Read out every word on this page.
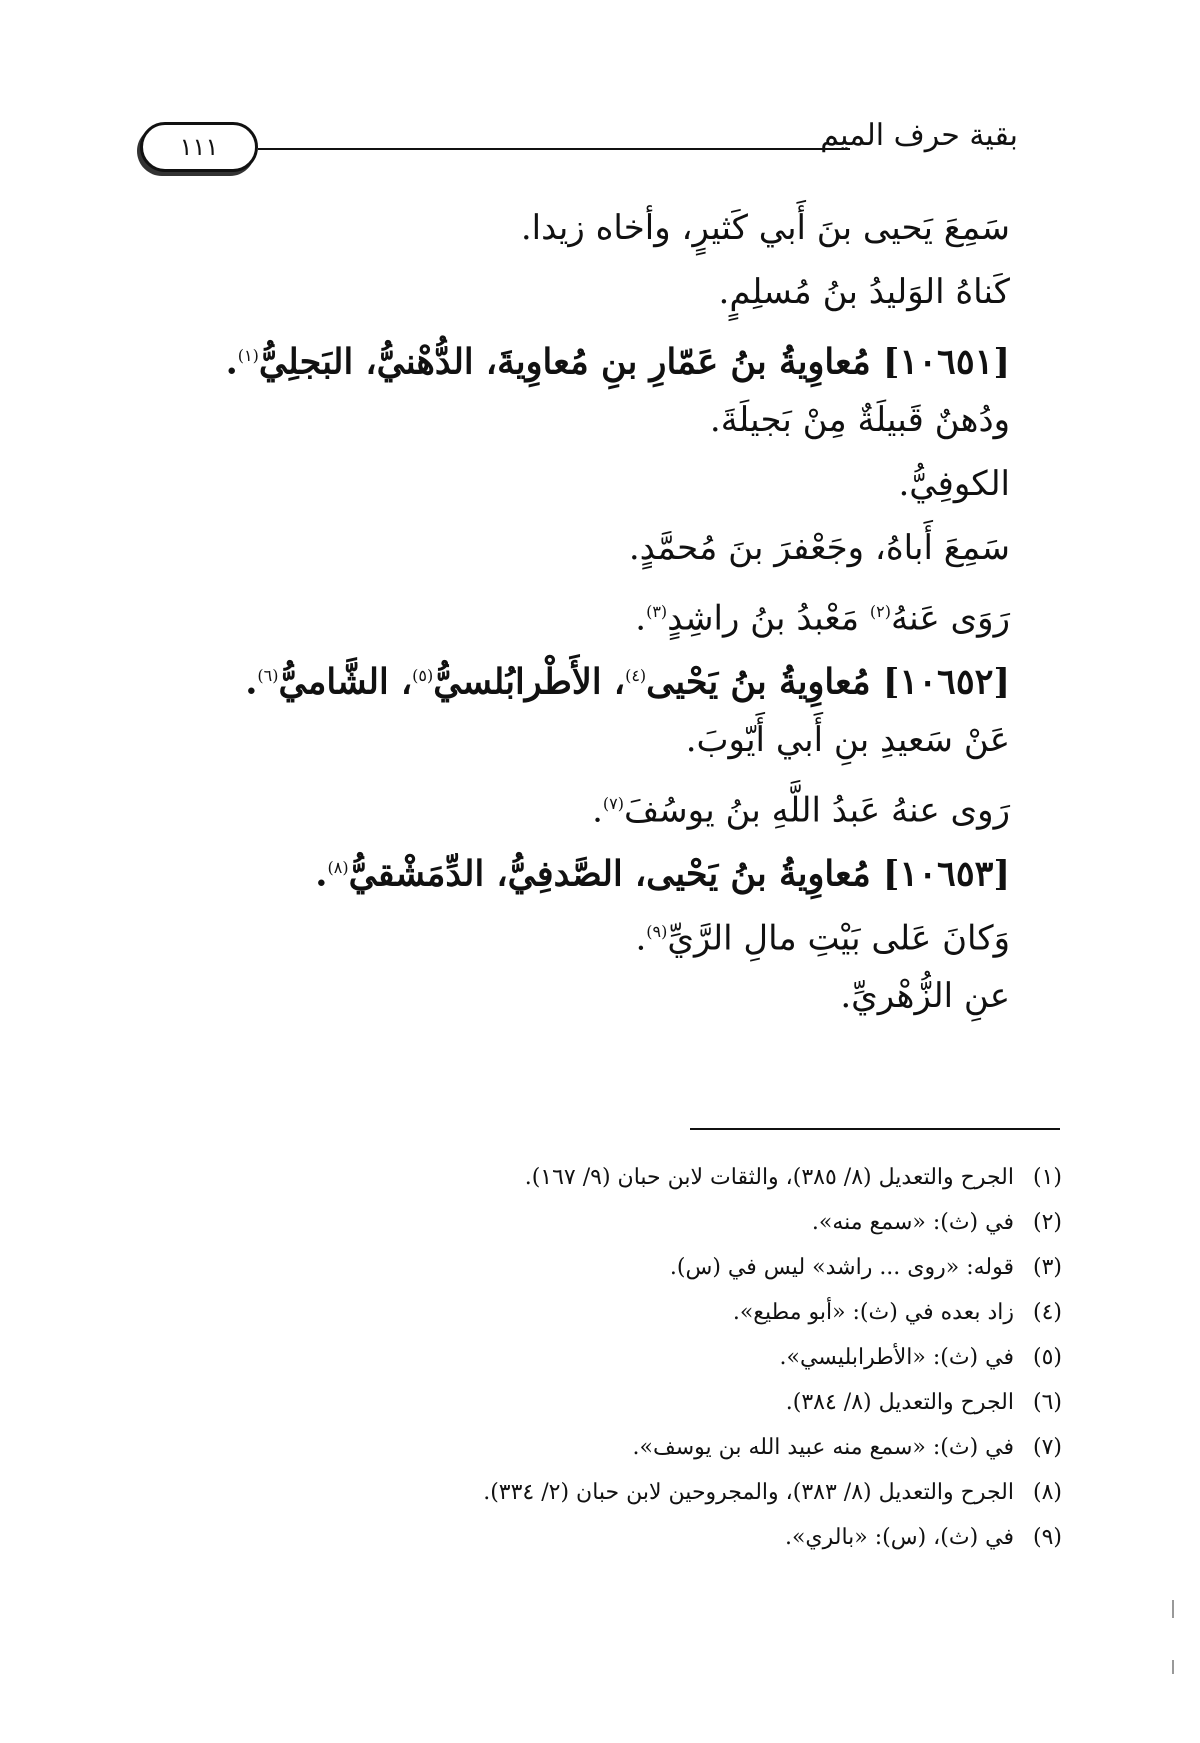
بقية حرف الميم
١١١
سَمِعَ يَحيى بنَ أَبي كَثيرٍ، وأخاه زيدا.
كَناهُ الوَليدُ بنُ مُسلِمٍ.
[١٠٦٥١] مُعاوِيةُ بنُ عَمّارِ بنِ مُعاوِيةَ، الدُّهْنيُّ، البَجلِيُّ$^{(١)}$.
ودُهنٌ قَبيلَةٌ مِنْ بَجيلَةَ.
الكوفِيُّ.
سَمِعَ أَباهُ، وجَعْفرَ بنَ مُحمَّدٍ.
رَوَى عَنهُ$^{(٢)}$ مَعْبدُ بنُ راشِدٍ$^{(٣)}$.
[١٠٦٥٢] مُعاوِيةُ بنُ يَحْيى$^{(٤)}$، الأَطْرابُلسيُّ$^{(٥)}$، الشَّاميُّ$^{(٦)}$.
عَنْ سَعيدِ بنِ أَبي أَيّوبَ.
رَوى عنهُ عَبدُ اللَّهِ بنُ يوسُفَ$^{(٧)}$.
[١٠٦٥٣] مُعاوِيةُ بنُ يَحْيى، الصَّدفِيُّ، الدِّمَشْقيُّ$^{(٨)}$.
وَكانَ عَلى بَيْتِ مالِ الرَّيِّ$^{(٩)}$.
عنِ الزُّهْريِّ.
(١)الجرح والتعديل (٨/ ٣٨٥)، والثقات لابن حبان (٩/ ١٦٧).
(٢)في (ث): «سمع منه».
(٣)قوله: «روى ... راشد» ليس في (س).
(٤)زاد بعده في (ث): «أبو مطيع».
(٥)في (ث): «الأطرابليسي».
(٦)الجرح والتعديل (٨/ ٣٨٤).
(٧)في (ث): «سمع منه عبيد الله بن يوسف».
(٨)الجرح والتعديل (٨/ ٣٨٣)، والمجروحين لابن حبان (٢/ ٣٣٤).
(٩)في (ث)، (س): «بالري».
